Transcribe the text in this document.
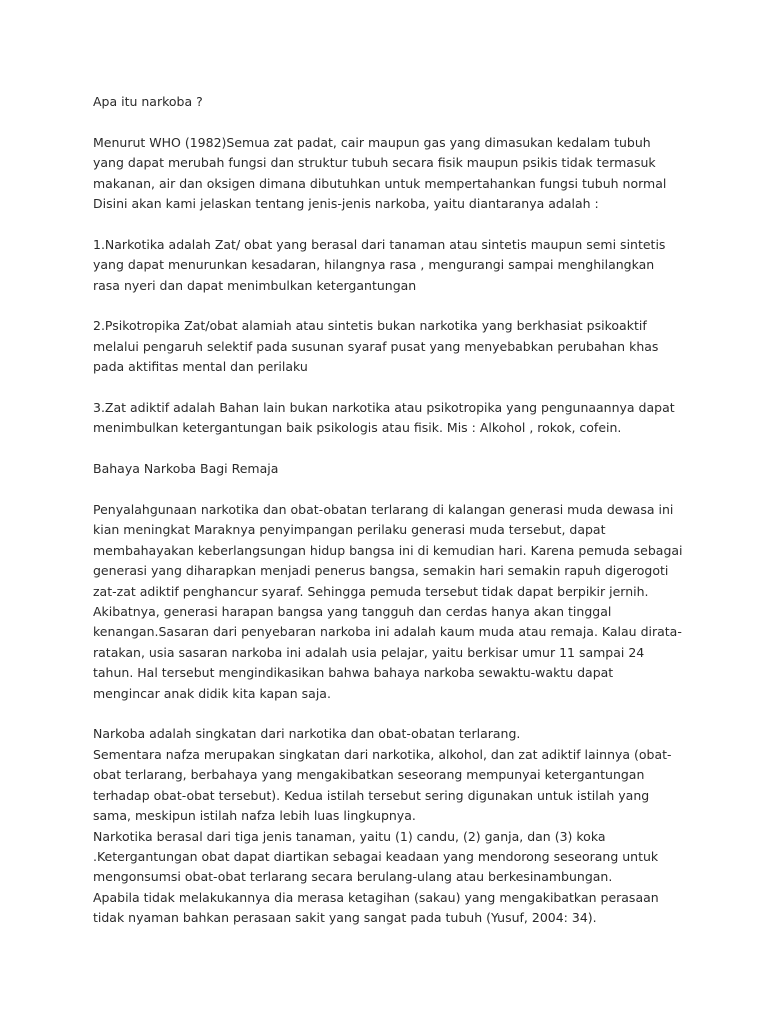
Apa itu narkoba ?

Menurut WHO (1982)Semua zat padat, cair maupun gas yang dimasukan kedalam tubuh yang dapat merubah fungsi dan struktur tubuh secara fisik maupun psikis tidak termasuk makanan, air dan oksigen dimana dibutuhkan untuk mempertahankan fungsi tubuh normal Disini akan kami jelaskan tentang jenis-jenis narkoba, yaitu diantaranya adalah :

1.Narkotika adalah Zat/ obat yang berasal dari tanaman atau sintetis maupun semi sintetis yang dapat menurunkan kesadaran, hilangnya rasa , mengurangi sampai menghilangkan rasa nyeri dan dapat menimbulkan ketergantungan

2.Psikotropika Zat/obat alamiah atau sintetis bukan narkotika yang berkhasiat psikoaktif melalui pengaruh selektif pada susunan syaraf pusat yang menyebabkan perubahan khas pada aktifitas mental dan perilaku

3.Zat adiktif adalah Bahan lain bukan narkotika atau psikotropika yang pengunaannya dapat menimbulkan ketergantungan baik psikologis atau fisik. Mis : Alkohol , rokok, cofein.

Bahaya Narkoba Bagi Remaja

Penyalahgunaan narkotika dan obat-obatan terlarang di kalangan generasi muda dewasa ini kian meningkat Maraknya penyimpangan perilaku generasi muda tersebut, dapat membahayakan keberlangsungan hidup bangsa ini di kemudian hari. Karena pemuda sebagai generasi yang diharapkan menjadi penerus bangsa, semakin hari semakin rapuh digerogoti zat-zat adiktif penghancur syaraf. Sehingga pemuda tersebut tidak dapat berpikir jernih. Akibatnya, generasi harapan bangsa yang tangguh dan cerdas hanya akan tinggal kenangan.Sasaran dari penyebaran narkoba ini adalah kaum muda atau remaja. Kalau dirata-ratakan, usia sasaran narkoba ini adalah usia pelajar, yaitu berkisar umur 11 sampai 24 tahun. Hal tersebut mengindikasikan bahwa bahaya narkoba sewaktu-waktu dapat mengincar anak didik kita kapan saja.

Narkoba adalah singkatan dari narkotika dan obat-obatan terlarang.

Sementara nafza merupakan singkatan dari narkotika, alkohol, dan zat adiktif lainnya (obat-obat terlarang, berbahaya yang mengakibatkan seseorang mempunyai ketergantungan terhadap obat-obat tersebut). Kedua istilah tersebut sering digunakan untuk istilah yang sama, meskipun istilah nafza lebih luas lingkupnya.

Narkotika berasal dari tiga jenis tanaman, yaitu (1) candu, (2) ganja, dan (3) koka

.Ketergantungan obat dapat diartikan sebagai keadaan yang mendorong seseorang untuk mengonsumsi obat-obat terlarang secara berulang-ulang atau berkesinambungan.

Apabila tidak melakukannya dia merasa ketagihan (sakau) yang mengakibatkan perasaan tidak nyaman bahkan perasaan sakit yang sangat pada tubuh (Yusuf, 2004: 34).
